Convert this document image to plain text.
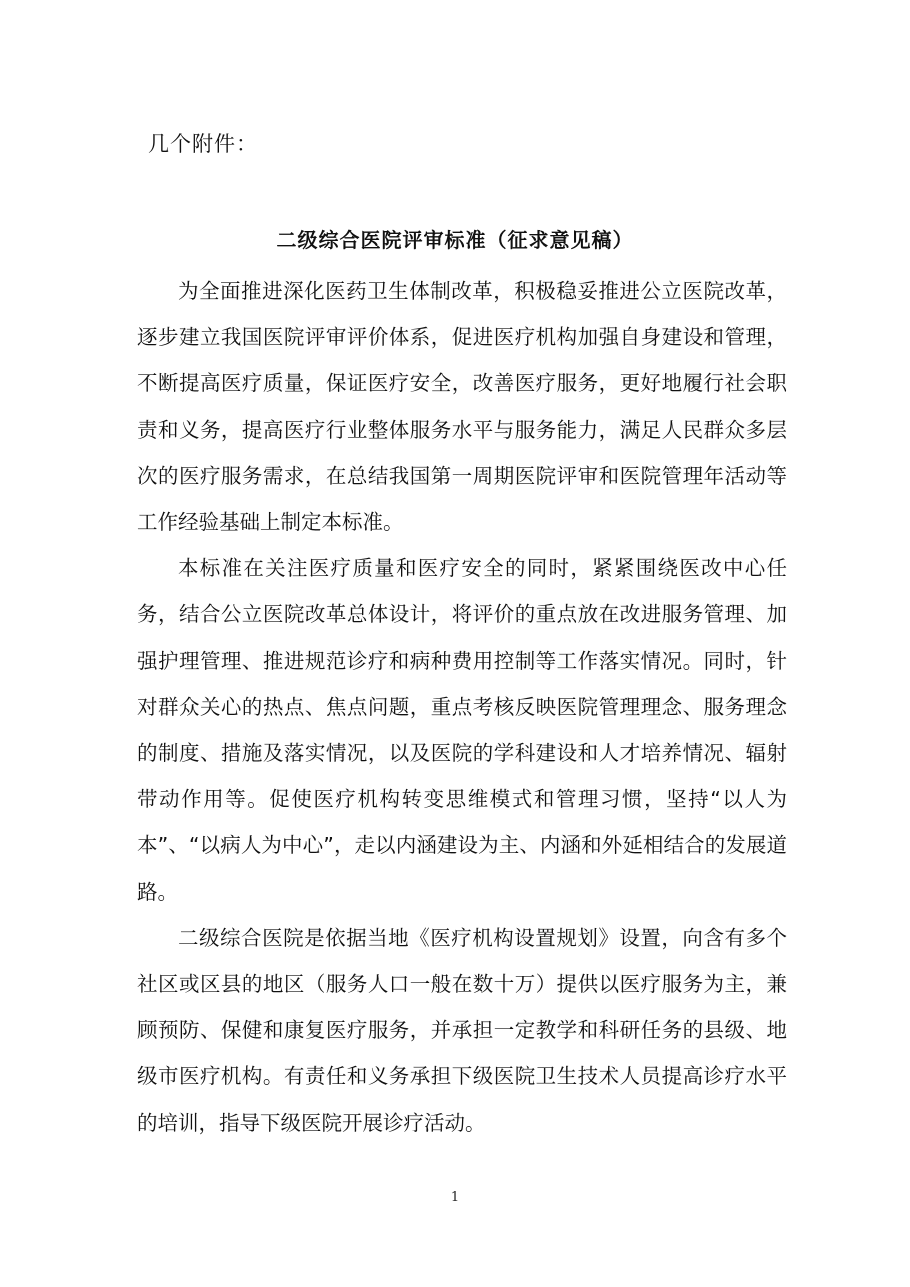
几个附件：
二级综合医院评审标准（征求意见稿）

为全面推进深化医药卫生体制改革，积极稳妥推进公立医院改革，逐步建立我国医院评审评价体系，促进医疗机构加强自身建设和管理，不断提高医疗质量，保证医疗安全，改善医疗服务，更好地履行社会职责和义务，提高医疗行业整体服务水平与服务能力，满足人民群众多层次的医疗服务需求，在总结我国第一周期医院评审和医院管理年活动等工作经验基础上制定本标准。

本标准在关注医疗质量和医疗安全的同时，紧紧围绕医改中心任务，结合公立医院改革总体设计，将评价的重点放在改进服务管理、加强护理管理、推进规范诊疗和病种费用控制等工作落实情况。同时，针对群众关心的热点、焦点问题，重点考核反映医院管理理念、服务理念的制度、措施及落实情况，以及医院的学科建设和人才培养情况、辐射带动作用等。促使医疗机构转变思维模式和管理习惯，坚持“以人为本”、“以病人为中心”，走以内涵建设为主、内涵和外延相结合的发展道路。

二级综合医院是依据当地《医疗机构设置规划》设置，向含有多个社区或区县的地区（服务人口一般在数十万）提供以医疗服务为主，兼顾预防、保健和康复医疗服务，并承担一定教学和科研任务的县级、地级市医疗机构。有责任和义务承担下级医院卫生技术人员提高诊疗水平的培训，指导下级医院开展诊疗活动。

1
